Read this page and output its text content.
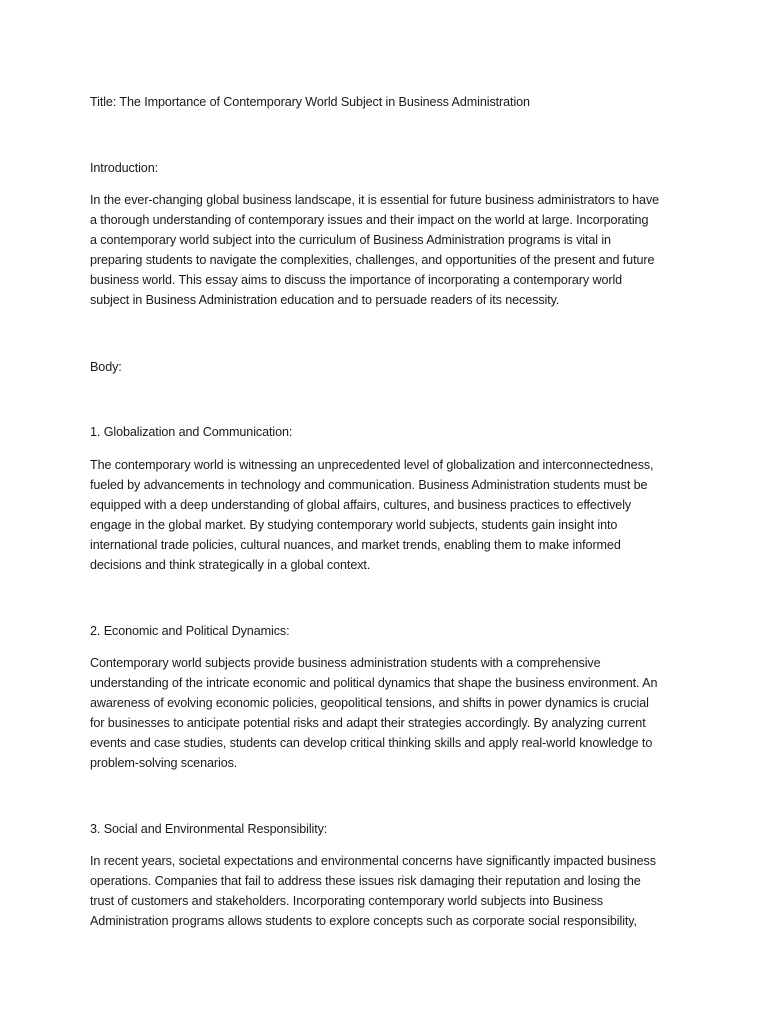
Title: The Importance of Contemporary World Subject in Business Administration

Introduction:

In the ever-changing global business landscape, it is essential for future business administrators to have
a thorough understanding of contemporary issues and their impact on the world at large. Incorporating
a contemporary world subject into the curriculum of Business Administration programs is vital in
preparing students to navigate the complexities, challenges, and opportunities of the present and future
business world. This essay aims to discuss the importance of incorporating a contemporary world
subject in Business Administration education and to persuade readers of its necessity.

Body:

1. Globalization and Communication:

The contemporary world is witnessing an unprecedented level of globalization and interconnectedness,
fueled by advancements in technology and communication. Business Administration students must be
equipped with a deep understanding of global affairs, cultures, and business practices to effectively
engage in the global market. By studying contemporary world subjects, students gain insight into
international trade policies, cultural nuances, and market trends, enabling them to make informed
decisions and think strategically in a global context.

2. Economic and Political Dynamics:

Contemporary world subjects provide business administration students with a comprehensive
understanding of the intricate economic and political dynamics that shape the business environment. An
awareness of evolving economic policies, geopolitical tensions, and shifts in power dynamics is crucial
for businesses to anticipate potential risks and adapt their strategies accordingly. By analyzing current
events and case studies, students can develop critical thinking skills and apply real-world knowledge to
problem-solving scenarios.

3. Social and Environmental Responsibility:

In recent years, societal expectations and environmental concerns have significantly impacted business
operations. Companies that fail to address these issues risk damaging their reputation and losing the
trust of customers and stakeholders. Incorporating contemporary world subjects into Business
Administration programs allows students to explore concepts such as corporate social responsibility,
